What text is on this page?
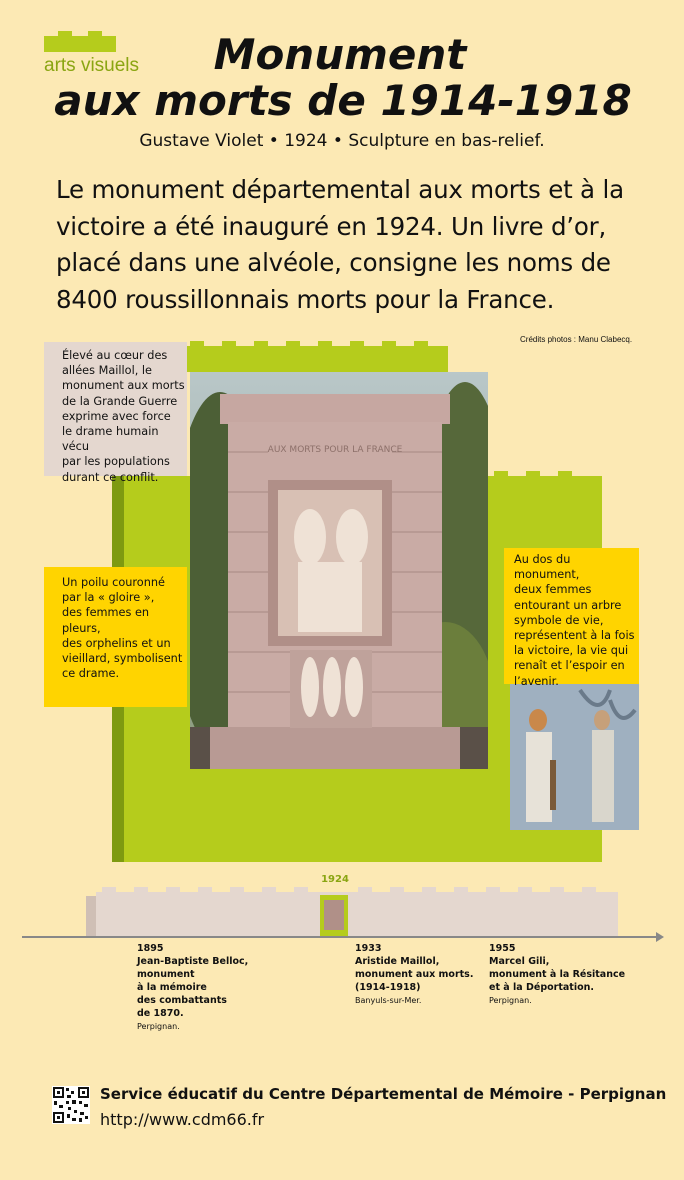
arts visuels	Monument
aux morts de 1914-1918
Gustave Violet • 1924 • Sculpture en bas-relief.
Le monument départemental aux morts et à la
victoire a été inauguré en 1924. Un livre d’or,
placé dans une alvéole, consigne les noms de
8400 roussillonnais morts pour la France.
Crédits photos : Manu Clabecq.
AUX MORTS POUR LA FRANCE
Élevé au cœur des
allées Maillol, le
monument aux morts
de la Grande Guerre
exprime avec force
le drame humain vécu
par les populations
durant ce conflit.
Un poilu couronné
par la « gloire »,
des femmes en pleurs,
des orphelins et un
vieillard, symbolisent
ce drame.
Au dos du monument,
deux femmes
entourant un arbre
symbole de vie,
représentent à la fois
la victoire, la vie qui
renaît et l’espoir en
l’avenir.
1924
1895
Jean-Baptiste Belloc,
monument
à la mémoire
des combattants
de 1870.
Perpignan.
1933
Aristide Maillol,
monument aux morts.
(1914-1918)
Banyuls-sur-Mer.
1955
Marcel Gili,
monument à la Résitance
et à la Déportation.
Perpignan.
Service éducatif du Centre Départemental de Mémoire - Perpignan
http://www.cdm66.fr
